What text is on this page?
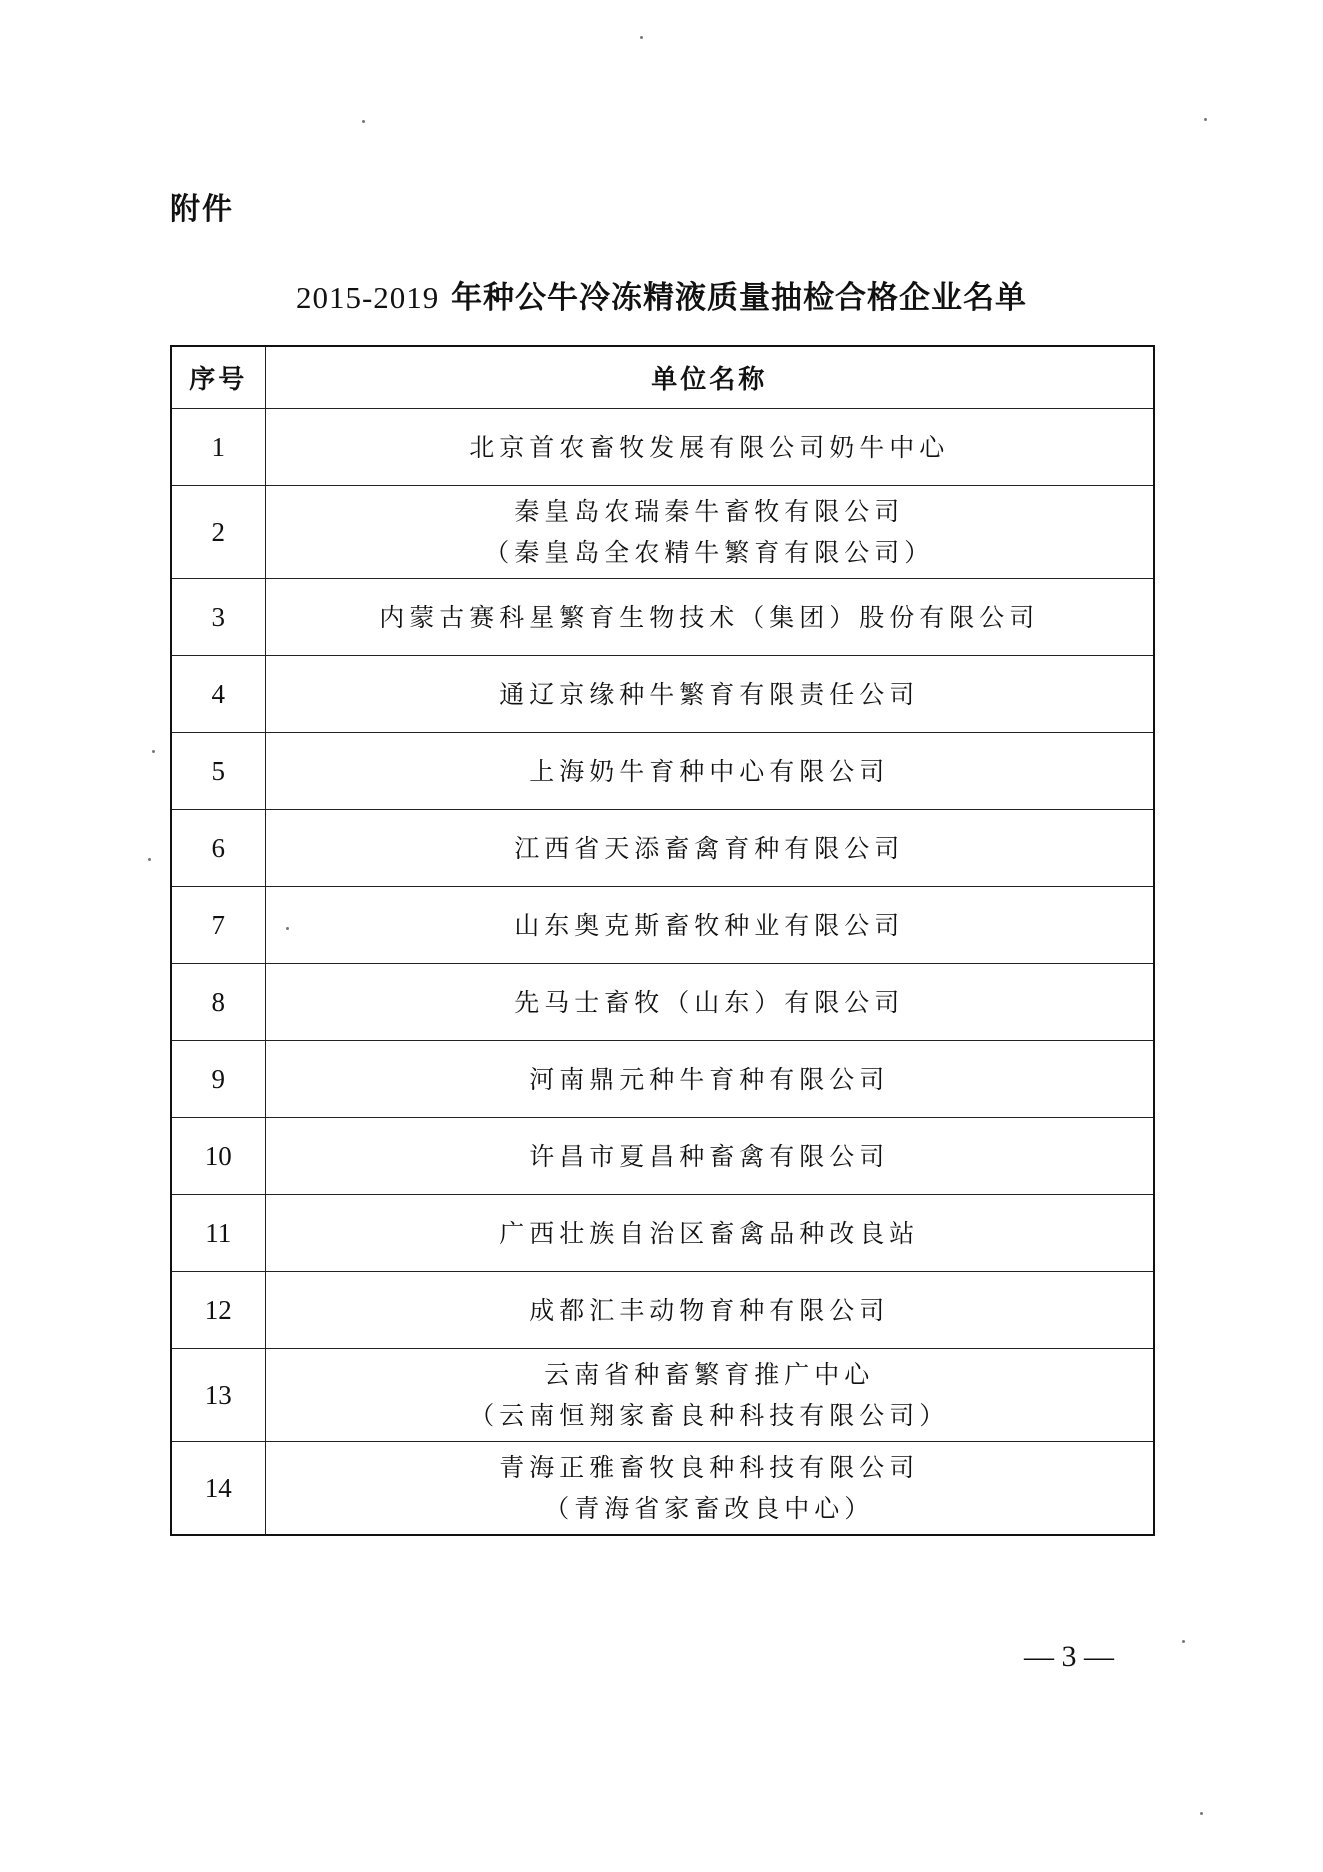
附件
2015-2019 年种公牛冷冻精液质量抽检合格企业名单
序号	单位名称
1	北京首农畜牧发展有限公司奶牛中心

2	秦皇岛农瑞秦牛畜牧有限公司
（秦皇岛全农精牛繁育有限公司）

3	内蒙古赛科星繁育生物技术（集团）股份有限公司

4	通辽京缘种牛繁育有限责任公司

5	上海奶牛育种中心有限公司

6	江西省天添畜禽育种有限公司

7	山东奥克斯畜牧种业有限公司

8	先马士畜牧（山东）有限公司

9	河南鼎元种牛育种有限公司

10	许昌市夏昌种畜禽有限公司

11	广西壮族自治区畜禽品种改良站

12	成都汇丰动物育种有限公司

13	云南省种畜繁育推广中心
（云南恒翔家畜良种科技有限公司）

14	青海正雅畜牧良种科技有限公司
（青海省家畜改良中心）
— 3 —
